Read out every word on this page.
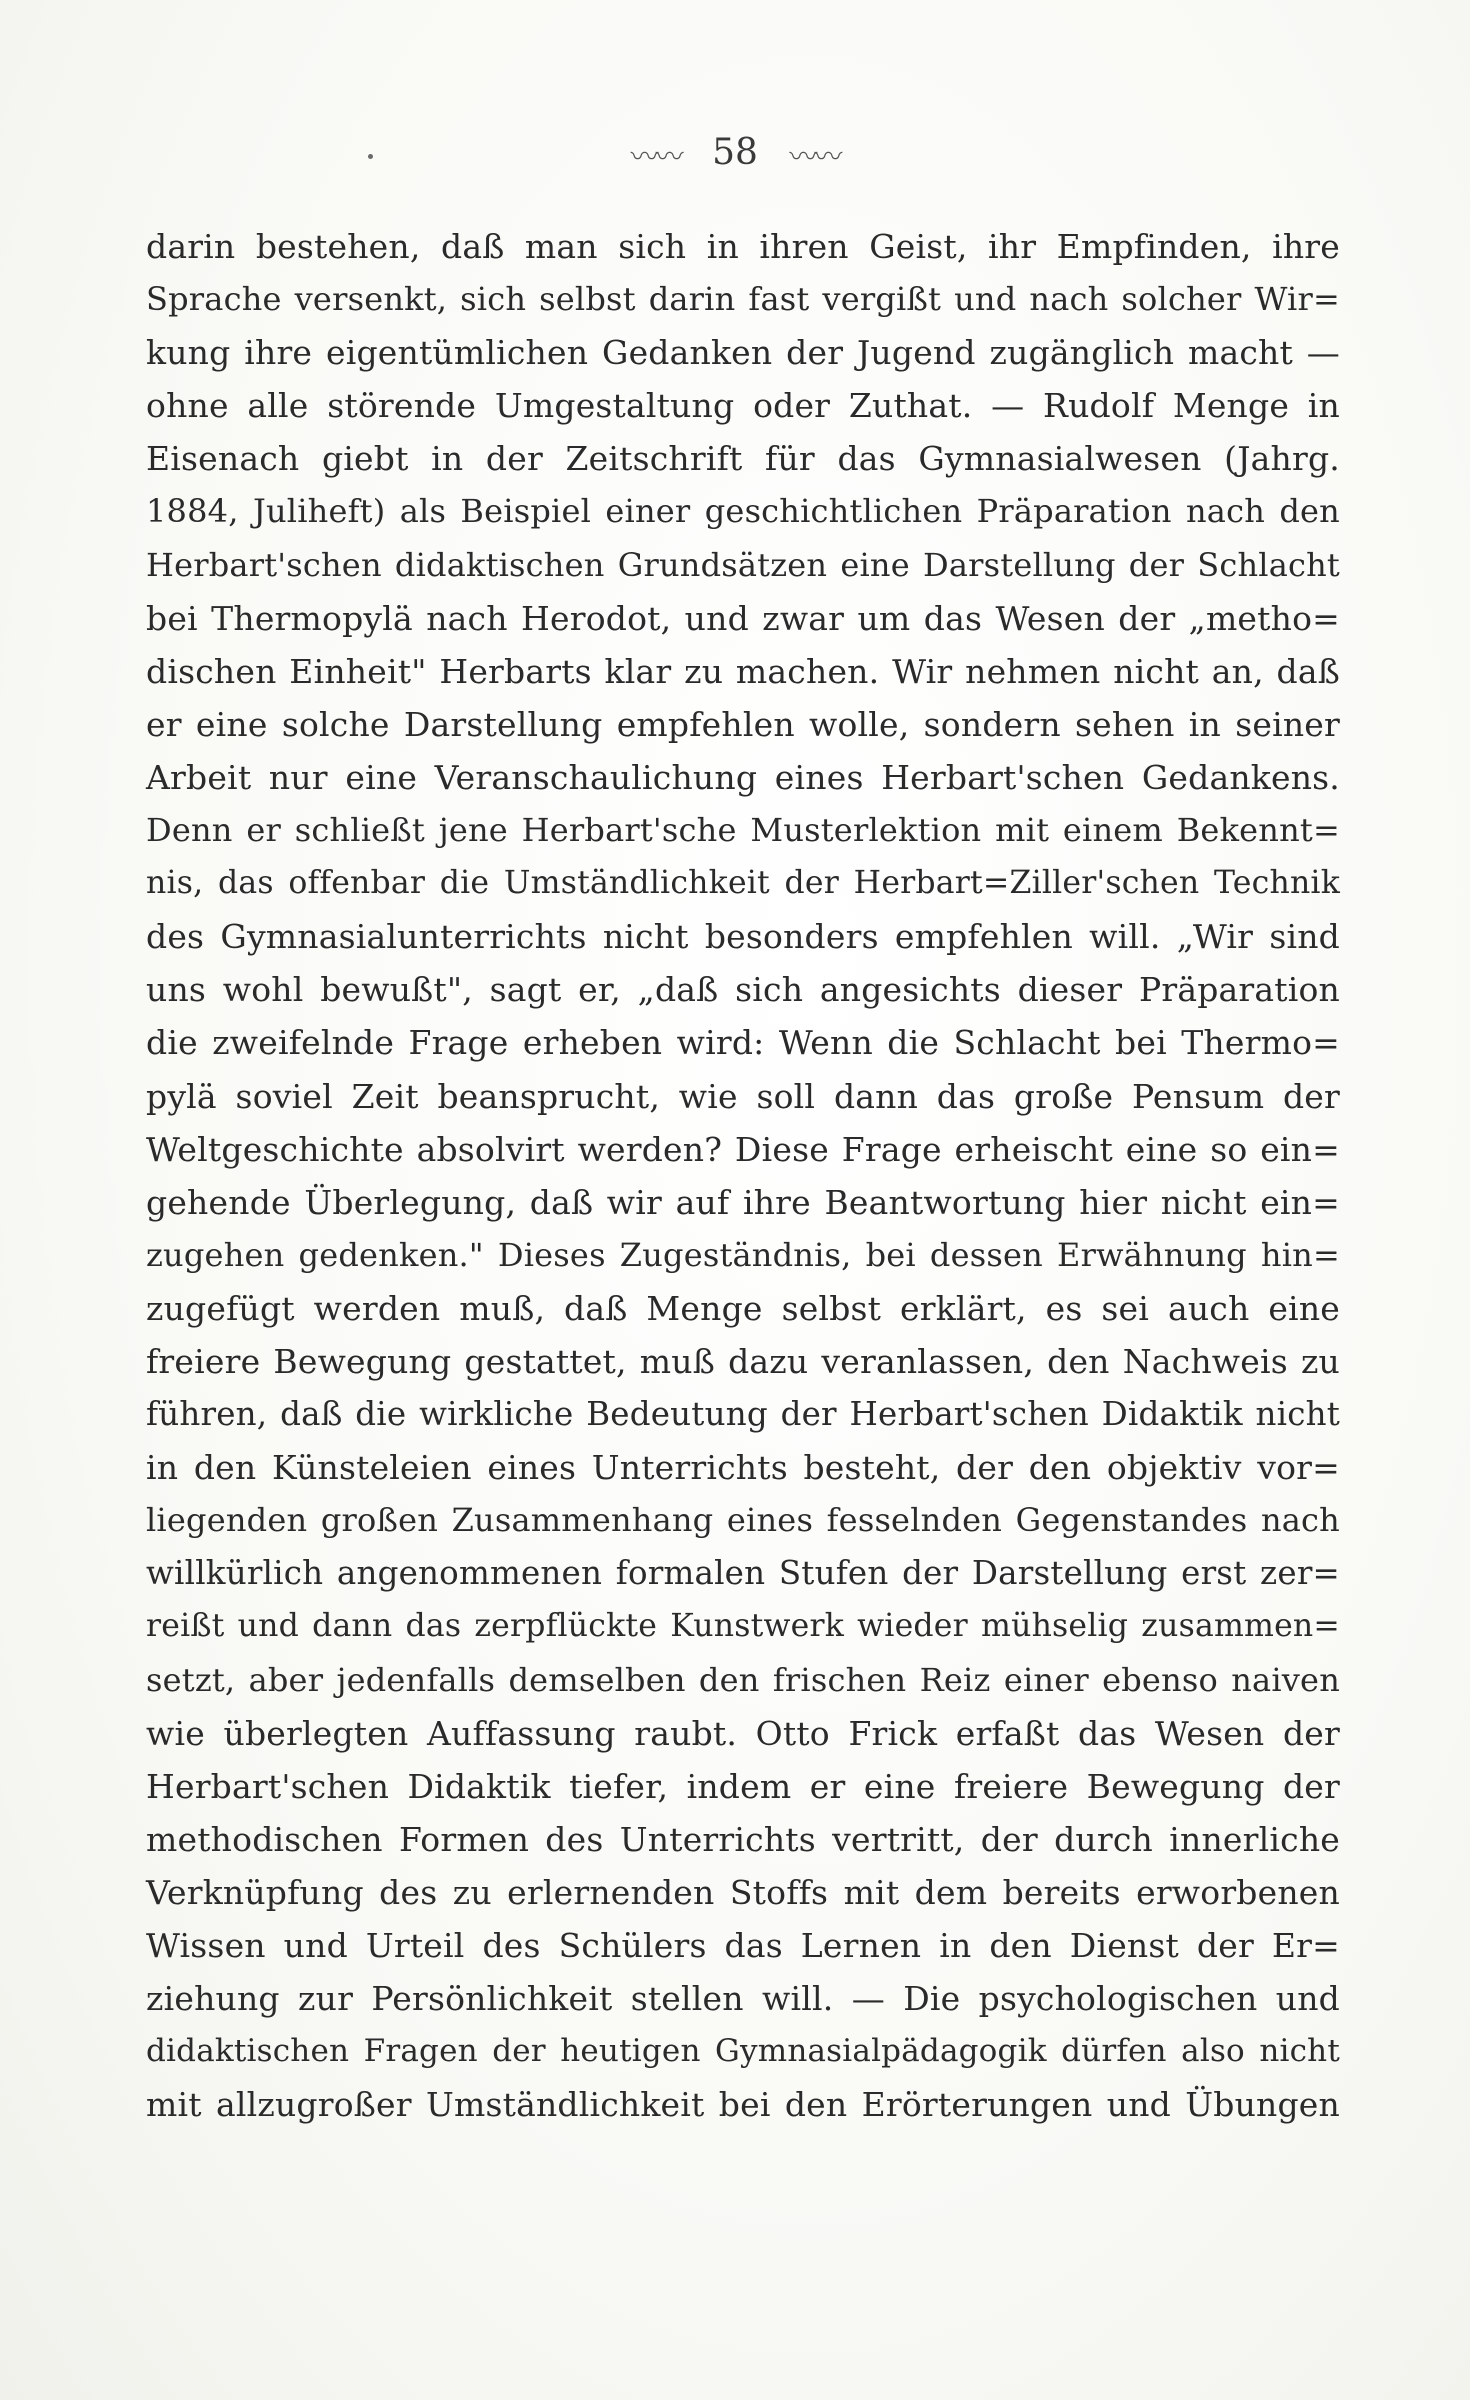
〰〰 58 〰〰
darin bestehen, daß man sich in ihren Geist, ihr Empfinden, ihre
Sprache versenkt, sich selbst darin fast vergißt und nach solcher Wir=
kung ihre eigentümlichen Gedanken der Jugend zugänglich macht —
ohne alle störende Umgestaltung oder Zuthat. — Rudolf Menge in
Eisenach giebt in der Zeitschrift für das Gymnasialwesen (Jahrg.
1884, Juliheft) als Beispiel einer geschichtlichen Präparation nach den
Herbart'schen didaktischen Grundsätzen eine Darstellung der Schlacht
bei Thermopylä nach Herodot, und zwar um das Wesen der „metho=
dischen Einheit" Herbarts klar zu machen. Wir nehmen nicht an, daß
er eine solche Darstellung empfehlen wolle, sondern sehen in seiner
Arbeit nur eine Veranschaulichung eines Herbart'schen Gedankens.
Denn er schließt jene Herbart'sche Musterlektion mit einem Bekennt=
nis, das offenbar die Umständlichkeit der Herbart=Ziller'schen Technik
des Gymnasialunterrichts nicht besonders empfehlen will. „Wir sind
uns wohl bewußt", sagt er, „daß sich angesichts dieser Präparation
die zweifelnde Frage erheben wird: Wenn die Schlacht bei Thermo=
pylä soviel Zeit beansprucht, wie soll dann das große Pensum der
Weltgeschichte absolvirt werden? Diese Frage erheischt eine so ein=
gehende Überlegung, daß wir auf ihre Beantwortung hier nicht ein=
zugehen gedenken." Dieses Zugeständnis, bei dessen Erwähnung hin=
zugefügt werden muß, daß Menge selbst erklärt, es sei auch eine
freiere Bewegung gestattet, muß dazu veranlassen, den Nachweis zu
führen, daß die wirkliche Bedeutung der Herbart'schen Didaktik nicht
in den Künsteleien eines Unterrichts besteht, der den objektiv vor=
liegenden großen Zusammenhang eines fesselnden Gegenstandes nach
willkürlich angenommenen formalen Stufen der Darstellung erst zer=
reißt und dann das zerpflückte Kunstwerk wieder mühselig zusammen=
setzt, aber jedenfalls demselben den frischen Reiz einer ebenso naiven
wie überlegten Auffassung raubt. Otto Frick erfaßt das Wesen der
Herbart'schen Didaktik tiefer, indem er eine freiere Bewegung der
methodischen Formen des Unterrichts vertritt, der durch innerliche
Verknüpfung des zu erlernenden Stoffs mit dem bereits erworbenen
Wissen und Urteil des Schülers das Lernen in den Dienst der Er=
ziehung zur Persönlichkeit stellen will. — Die psychologischen und
didaktischen Fragen der heutigen Gymnasialpädagogik dürfen also nicht
mit allzugroßer Umständlichkeit bei den Erörterungen und Übungen
